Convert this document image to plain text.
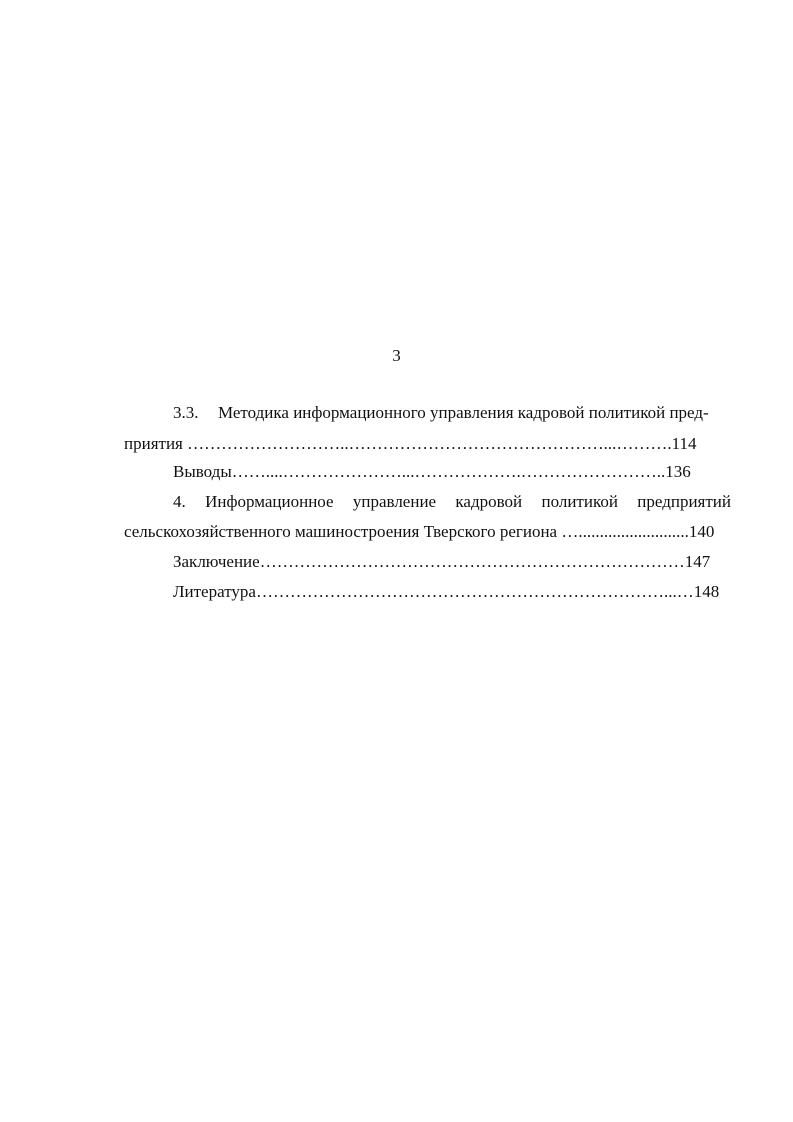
3
3.3. Методика информационного управления кадровой политикой пред-
приятия ………………………..………………………………………...……….114
Выводы……....…………………...……………….……………………..136
4. Информационное управление кадровой политикой предприятий
сельскохозяйственного машиностроения Тверского региона …..........................140
Заключение…………………………………………………………………147
Литература………………………………………………………………...…148
